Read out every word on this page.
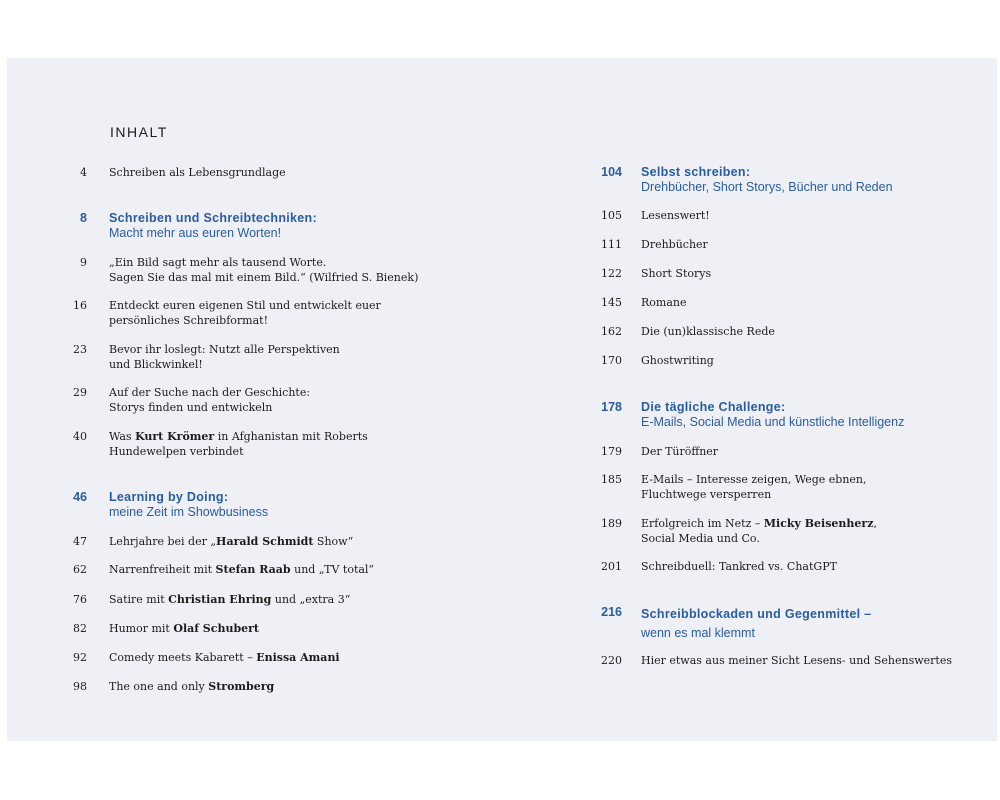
INHALT
4 Schreiben als Lebensgrundlage
8 Schreiben und Schreibtechniken:
Macht mehr aus euren Worten!
9 „Ein Bild sagt mehr als tausend Worte.
Sagen Sie das mal mit einem Bild.“ (Wilfried S. Bienek)
16 Entdeckt euren eigenen Stil und entwickelt euer
persönliches Schreibformat!
23 Bevor ihr loslegt: Nutzt alle Perspektiven
und Blickwinkel!
29 Auf der Suche nach der Geschichte:
Storys finden und entwickeln
40 Was Kurt Krömer in Afghanistan mit Roberts
Hundewelpen verbindet
46 Learning by Doing:
meine Zeit im Showbusiness
47 Lehrjahre bei der „Harald Schmidt Show“
62 Narrenfreiheit mit Stefan Raab und „TV total“
76 Satire mit Christian Ehring und „extra 3“
82 Humor mit Olaf Schubert
92 Comedy meets Kabarett – Enissa Amani
98 The one and only Stromberg
104 Selbst schreiben:
Drehbücher, Short Storys, Bücher und Reden
105 Lesenswert!
111 Drehbücher
122 Short Storys
145 Romane
162 Die (un)klassische Rede
170 Ghostwriting
178 Die tägliche Challenge:
E-Mails, Social Media und künstliche Intelligenz
179 Der Türöffner
185 E-Mails – Interesse zeigen, Wege ebnen,
Fluchtwege versperren
189 Erfolgreich im Netz – Micky Beisenherz,
Social Media und Co.
201 Schreibduell: Tankred vs. ChatGPT
216 Schreibblockaden und Gegenmittel –
wenn es mal klemmt
220 Hier etwas aus meiner Sicht Lesens- und Sehenswertes
